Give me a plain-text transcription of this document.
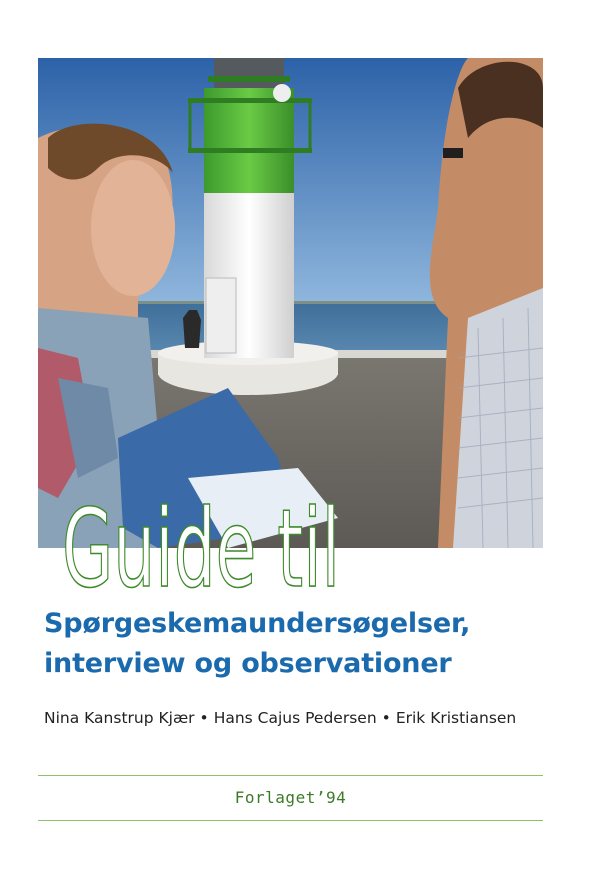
Guide til
Spørgeskemaundersøgelser,
interview og observationer
Nina Kanstrup Kjær • Hans Cajus Pedersen • Erik Kristiansen
Forlaget’94
